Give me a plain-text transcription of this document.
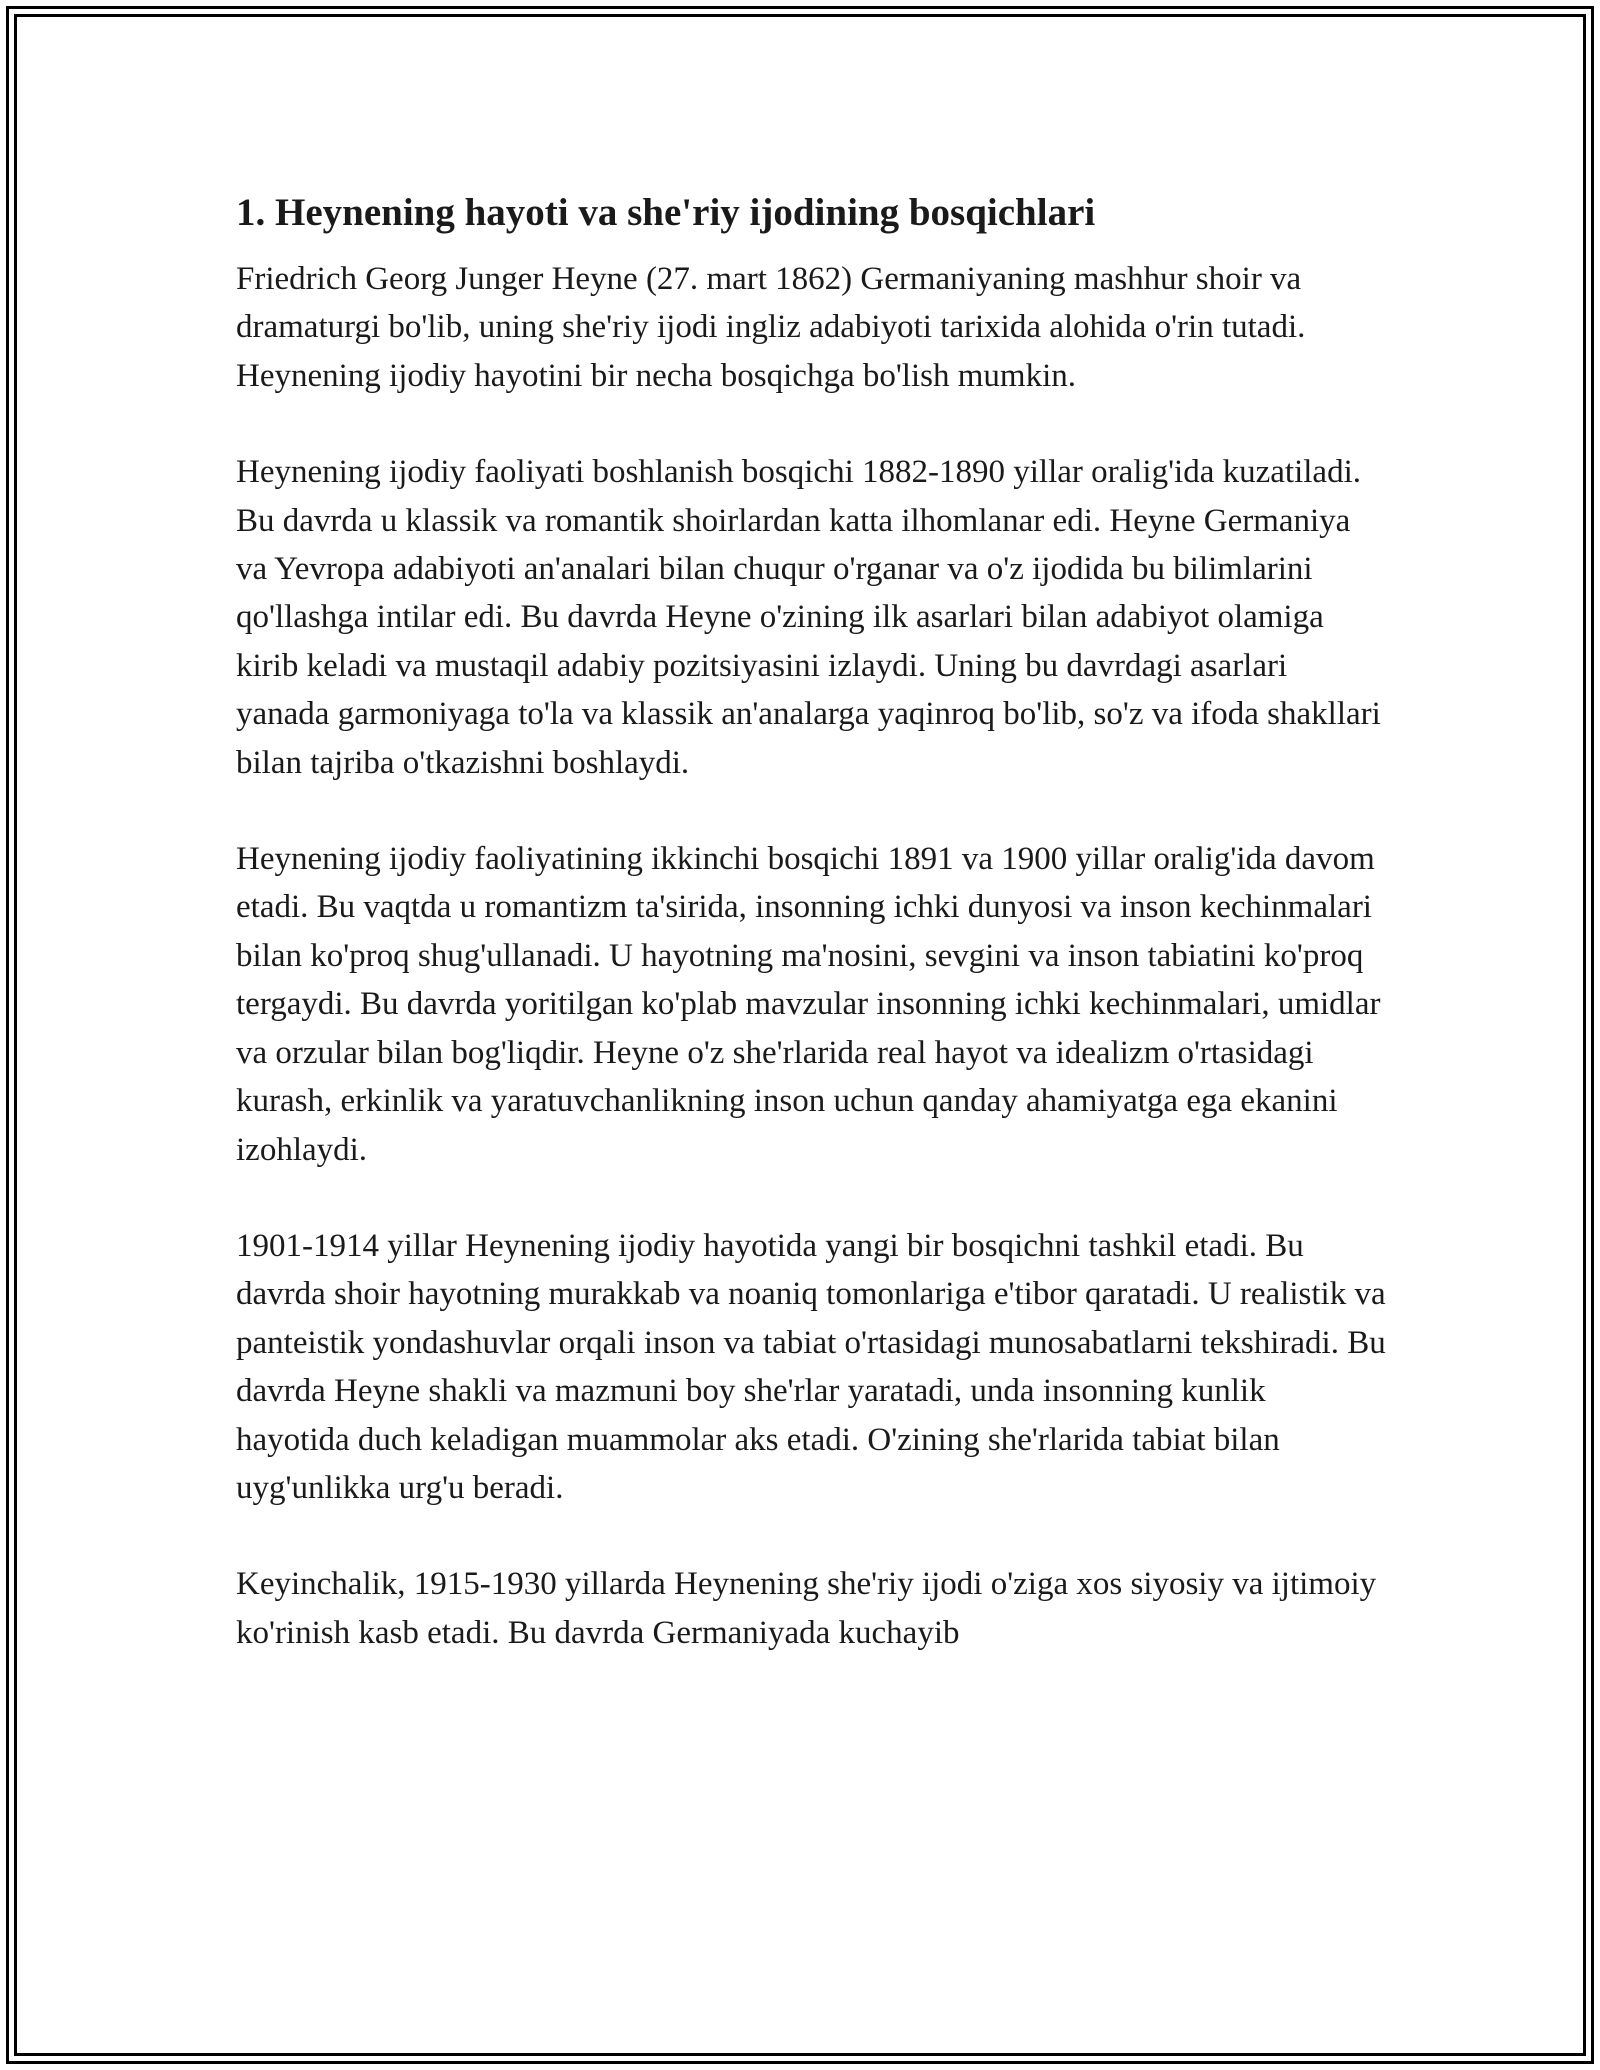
1. Heynening hayoti va she'riy ijodining bosqichlari

Friedrich Georg Junger Heyne (27. mart 1862) Germaniyaning mashhur shoir va dramaturgi bo'lib, uning she'riy ijodi ingliz adabiyoti tarixida alohida o'rin tutadi. Heynening ijodiy hayotini bir necha bosqichga bo'lish mumkin.

Heynening ijodiy faoliyati boshlanish bosqichi 1882-1890 yillar oralig'ida kuzatiladi. Bu davrda u klassik va romantik shoirlardan katta ilhomlanar edi. Heyne Germaniya va Yevropa adabiyoti an'analari bilan chuqur o'rganar va o'z ijodida bu bilimlarini qo'llashga intilar edi. Bu davrda Heyne o'zining ilk asarlari bilan adabiyot olamiga kirib keladi va mustaqil adabiy pozitsiyasini izlaydi. Uning bu davrdagi asarlari yanada garmoniyaga to'la va klassik an'analarga yaqinroq bo'lib, so'z va ifoda shakllari bilan tajriba o'tkazishni boshlaydi.

Heynening ijodiy faoliyatining ikkinchi bosqichi 1891 va 1900 yillar oralig'ida davom etadi. Bu vaqtda u romantizm ta'sirida, insonning ichki dunyosi va inson kechinmalari bilan ko'proq shug'ullanadi. U hayotning ma'nosini, sevgini va inson tabiatini ko'proq tergaydi. Bu davrda yoritilgan ko'plab mavzular insonning ichki kechinmalari, umidlar va orzular bilan bog'liqdir. Heyne o'z she'rlarida real hayot va idealizm o'rtasidagi kurash, erkinlik va yaratuvchanlikning inson uchun qanday ahamiyatga ega ekanini izohlaydi.

1901-1914 yillar Heynening ijodiy hayotida yangi bir bosqichni tashkil etadi. Bu davrda shoir hayotning murakkab va noaniq tomonlariga e'tibor qaratadi. U realistik va panteistik yondashuvlar orqali inson va tabiat o'rtasidagi munosabatlarni tekshiradi. Bu davrda Heyne shakli va mazmuni boy she'rlar yaratadi, unda insonning kunlik hayotida duch keladigan muammolar aks etadi. O'zining she'rlarida tabiat bilan uyg'unlikka urg'u beradi.

Keyinchalik, 1915-1930 yillarda Heynening she'riy ijodi o'ziga xos siyosiy va ijtimoiy ko'rinish kasb etadi. Bu davrda Germaniyada kuchayib
